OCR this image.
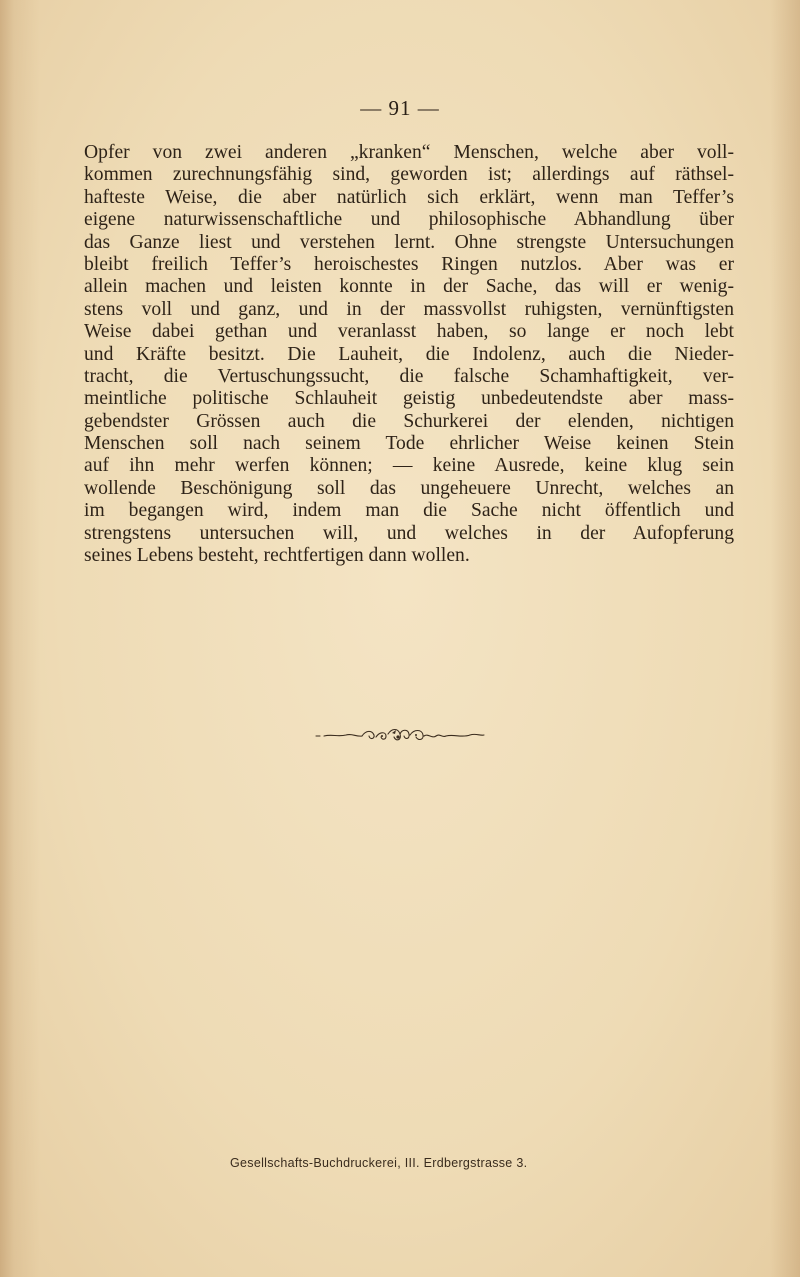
— 91 —
Opfer von zwei anderen „kranken“ Menschen, welche aber voll-
kommen zurechnungsfähig sind, geworden ist; allerdings auf räthsel-
hafteste Weise, die aber natürlich sich erklärt, wenn man Teffer’s
eigene naturwissenschaftliche und philosophische Abhandlung über
das Ganze liest und verstehen lernt. Ohne strengste Untersuchungen
bleibt freilich Teffer’s heroischestes Ringen nutzlos. Aber was er
allein machen und leisten konnte in der Sache, das will er wenig-
stens voll und ganz, und in der massvollst ruhigsten, vernünftigsten
Weise dabei gethan und veranlasst haben, so lange er noch lebt
und Kräfte besitzt. Die Lauheit, die Indolenz, auch die Nieder-
tracht, die Vertuschungssucht, die falsche Schamhaftigkeit, ver-
meintliche politische Schlauheit geistig unbedeutendste aber mass-
gebendster Grössen auch die Schurkerei der elenden, nichtigen
Menschen soll nach seinem Tode ehrlicher Weise keinen Stein
auf ihn mehr werfen können; — keine Ausrede, keine klug sein
wollende Beschönigung soll das ungeheuere Unrecht, welches an
im begangen wird, indem man die Sache nicht öffentlich und
strengstens untersuchen will, und welches in der Aufopferung
seines Lebens besteht, rechtfertigen dann wollen.
Gesellschafts-Buchdruckerei, III. Erdbergstrasse 3.
